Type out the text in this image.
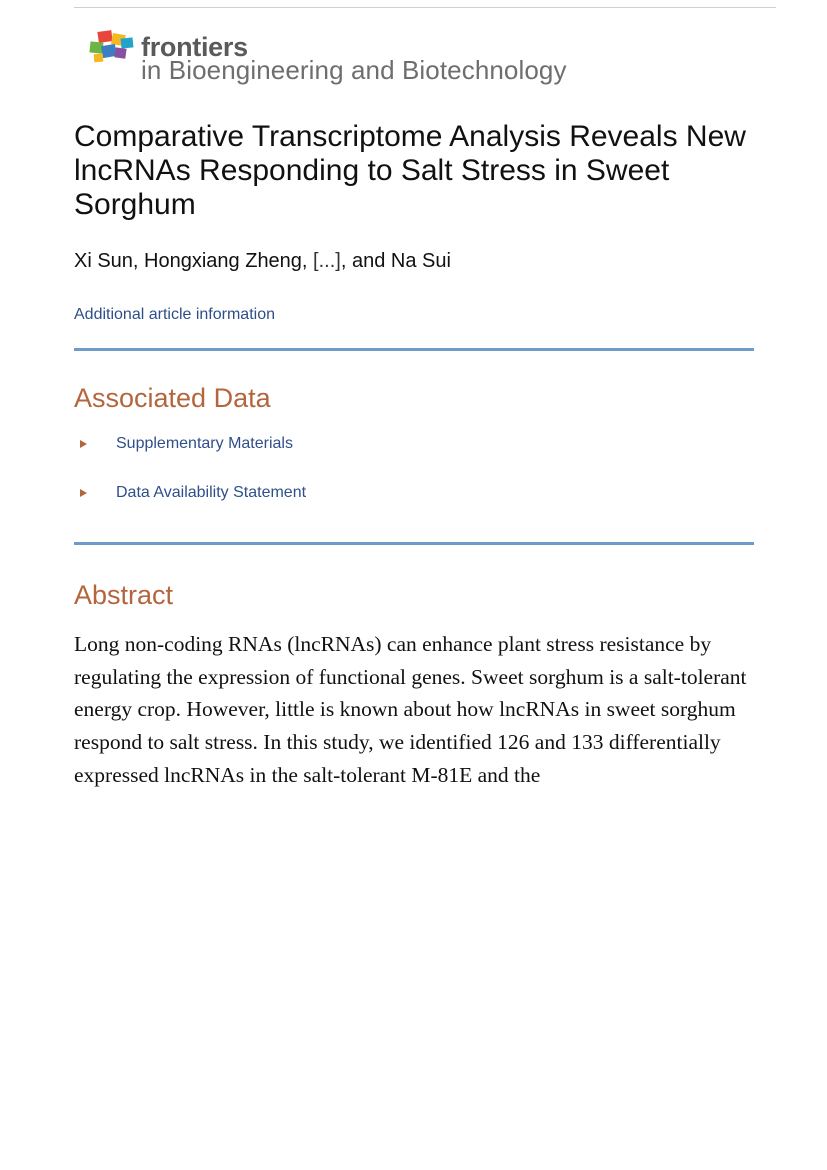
frontiers
in Bioengineering and Biotechnology
Comparative Transcriptome Analysis Reveals New lncRNAs Responding to Salt Stress in Sweet Sorghum
Xi Sun, Hongxiang Zheng, [...], and Na Sui
Additional article information
Associated Data
Supplementary Materials
Data Availability Statement
Abstract

Long non-coding RNAs (lncRNAs) can enhance plant stress resistance by regulating the expression of functional genes. Sweet sorghum is a salt-tolerant energy crop. However, little is known about how lncRNAs in sweet sorghum respond to salt stress. In this study, we identified 126 and 133 differentially expressed lncRNAs in the salt-tolerant M-81E and the
